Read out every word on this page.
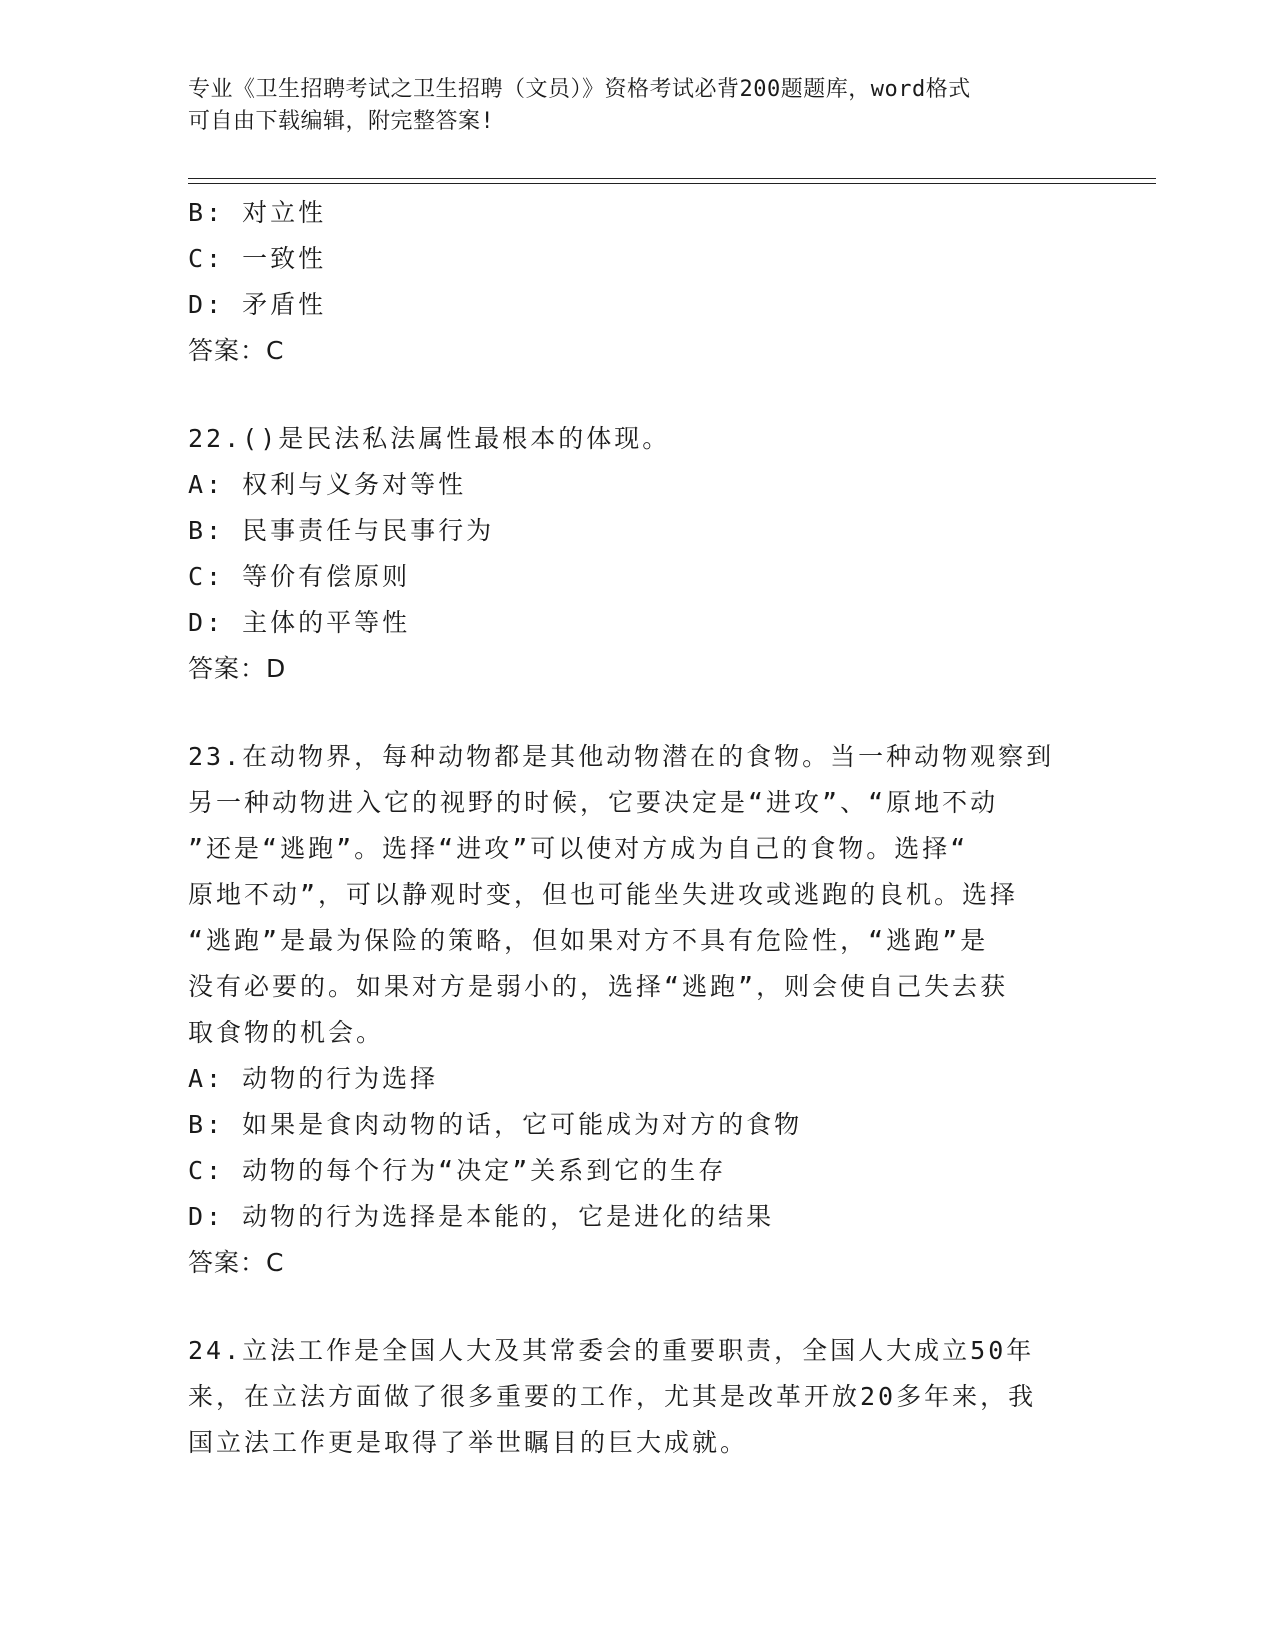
专业《卫生招聘考试之卫生招聘（文员）》资格考试必背200题题库，word格式
可自由下载编辑，附完整答案!
B: 对立性
C: 一致性
D: 矛盾性
答案：C
22.()是民法私法属性最根本的体现。
A: 权利与义务对等性
B: 民事责任与民事行为
C: 等价有偿原则
D: 主体的平等性
答案：D
23.在动物界，每种动物都是其他动物潜在的食物。当一种动物观察到
另一种动物进入它的视野的时候，它要决定是“进攻”、“原地不动
”还是“逃跑”。选择“进攻”可以使对方成为自己的食物。选择“
原地不动”，可以静观时变，但也可能坐失进攻或逃跑的良机。选择
“逃跑”是最为保险的策略，但如果对方不具有危险性，“逃跑”是
没有必要的。如果对方是弱小的，选择“逃跑”，则会使自己失去获
取食物的机会。
A: 动物的行为选择
B: 如果是食肉动物的话，它可能成为对方的食物
C: 动物的每个行为“决定”关系到它的生存
D: 动物的行为选择是本能的，它是进化的结果
答案：C
24.立法工作是全国人大及其常委会的重要职责，全国人大成立50年
来，在立法方面做了很多重要的工作，尤其是改革开放20多年来，我
国立法工作更是取得了举世瞩目的巨大成就。
